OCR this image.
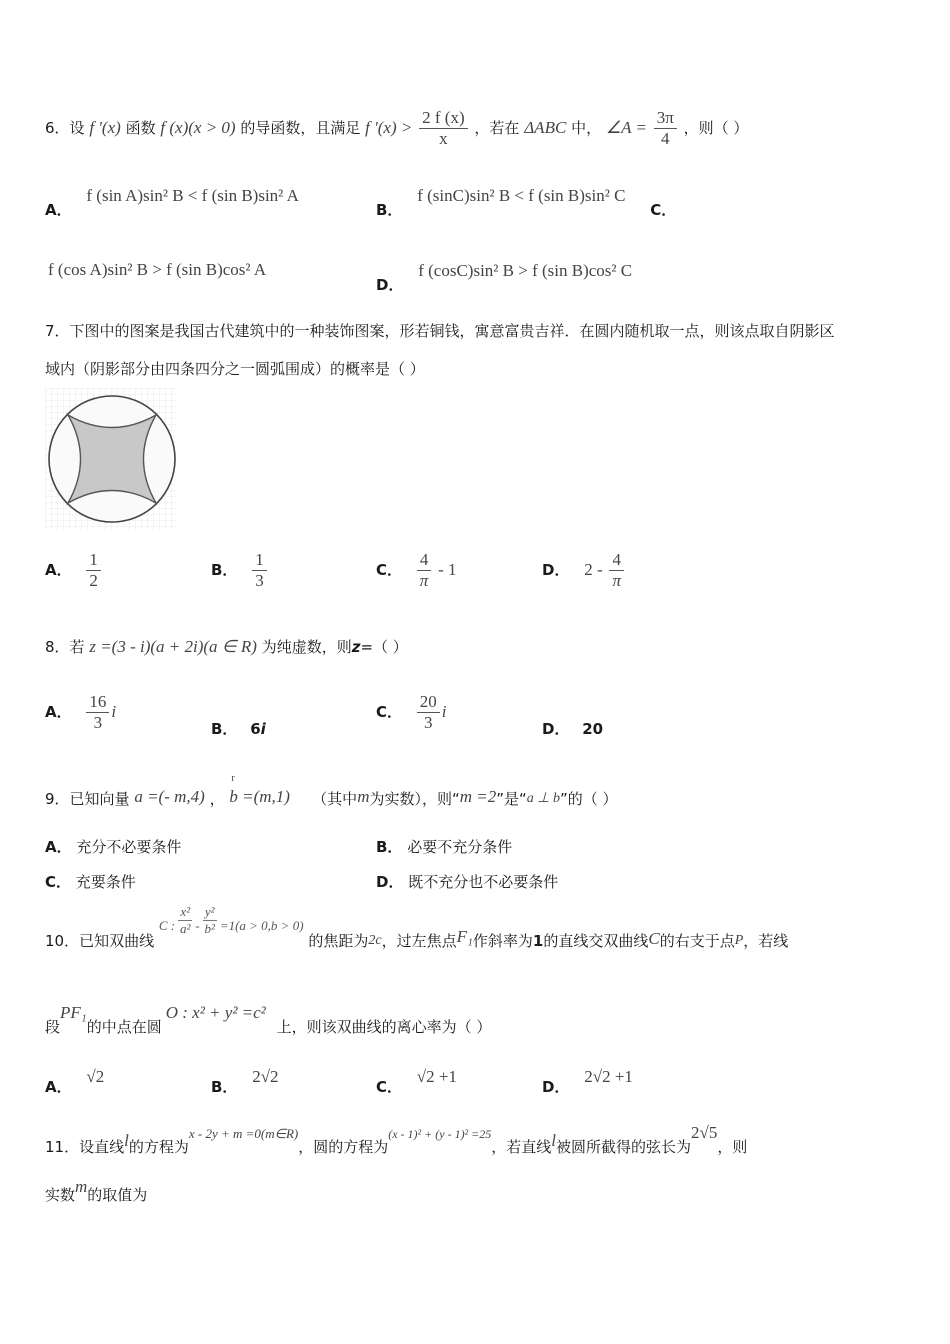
6．设 f '(x) 函数 f (x)(x > 0) 的导函数，且满足 f '$(x) > \frac{2 f (x)}{x}$ ，若在 ΔABC 中， ∠A = $\frac{3\pi}{4}$ ，则（ ）
A． f (sin A)sin² B < f (sin B)sin² A
B． f (sinC)sin² B < f (sin B)sin² C C．
f (cos A)sin² B > f (sin B)cos² A
D． f (cosC)sin² B > f (sin B)cos² C
7．下图中的图案是我国古代建筑中的一种装饰图案，形若铜钱，寓意富贵吉祥．在圆内随机取一点，则该点取自阴影区
域内（阴影部分由四条四分之一圆弧围成）的概率是（ ）
A． $\frac{1}{2}$	B． $\frac{1}{3}$	C． $\frac{4}{\pi} - 1$	D． $2 - \frac{4}{\pi}$
8．若 z =(3 - i)(a + 2i)(a ∈ R) 为纯虚数，则z=（ ）
A． $\frac{16}{3}$ i
B． 6i
C． $\frac{20}{3}$ i
D． 20
9．已知向量 a =(- m,4) ，
r
b =(m,1) （其中m为实数），则“m =2”是“a ⊥ b”的（ ）
A． 充分不必要条件	B． 必要不充分条件
C． 充要条件	D． 既不充分也不必要条件
10．已知双曲线 C : $\frac{\text{x²}}{\text{a²}} - \frac{\text{y²}}{\text{b²}} =1(a > 0,b > 0)$ 的焦距为2c，过左焦点F₁作斜率为1的直线交双曲线C的右支于点P，若线
段PF₁的中点在圆O : x² + y² =c² 上，则该双曲线的离心率为（ ）
A． √2
B． 2√2
C． √2 +1
D． 2√2 +1
11．设直线l的方程为x - 2y + m =0(m∈R)，圆的方程为(x - 1)² + (y - 1)² =25，若直线l被圆所截得的弦长为2√5，则
实数m的取值为
